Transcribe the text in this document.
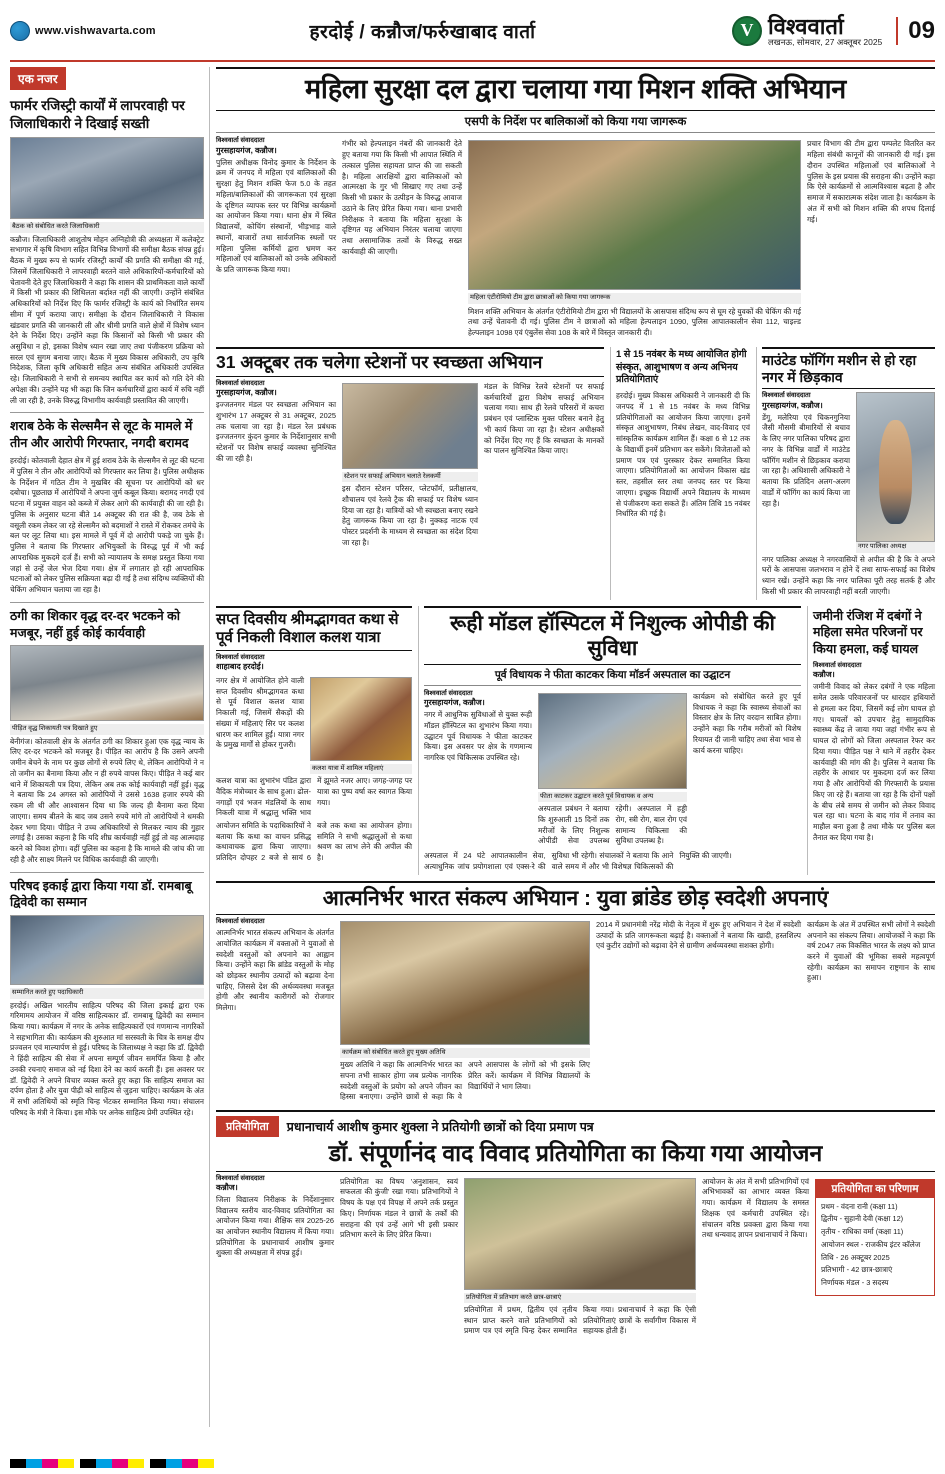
www.vishwavarta.com	हरदोई / कन्नौज/फर्रुखाबाद वार्ता	V विश्ववार्ता
लखनऊ, सोमवार, 27 अक्तूबर 2025	09
एक नजर
फार्मर रजिस्ट्री कार्यों में लापरवाही पर जिलाधिकारी ने दिखाई सख्ती
बैठक को संबोधित करते जिलाधिकारी
कन्नौज। जिलाधिकारी आशुतोष मोहन अग्निहोत्री की अध्यक्षता में कलेक्ट्रेट सभागार में कृषि विभाग सहित विभिन्न विभागों की समीक्षा बैठक संपन्न हुई। बैठक में मुख्य रूप से फार्मर रजिस्ट्री कार्यों की प्रगति की समीक्षा की गई, जिसमें जिलाधिकारी ने लापरवाही बरतने वाले अधिकारियों-कर्मचारियों को चेतावनी देते हुए जिलाधिकारी ने कहा कि शासन की प्राथमिकता वाले कार्यों में किसी भी प्रकार की शिथिलता बर्दाश्त नहीं की जाएगी। उन्होंने संबंधित अधिकारियों को निर्देश दिए कि फार्मर रजिस्ट्री के कार्य को निर्धारित समय सीमा में पूर्ण कराया जाए। समीक्षा के दौरान जिलाधिकारी ने विकास खंडवार प्रगति की जानकारी ली और धीमी प्रगति वाले क्षेत्रों में विशेष ध्यान देने के निर्देश दिए। उन्होंने कहा कि किसानों को किसी भी प्रकार की असुविधा न हो, इसका विशेष ध्यान रखा जाए तथा पंजीकरण प्रक्रिया को सरल एवं सुगम बनाया जाए। बैठक में मुख्य विकास अधिकारी, उप कृषि निदेशक, जिला कृषि अधिकारी सहित अन्य संबंधित अधिकारी उपस्थित रहे। जिलाधिकारी ने सभी से समन्वय स्थापित कर कार्य को गति देने की अपेक्षा की। उन्होंने यह भी कहा कि जिन कर्मचारियों द्वारा कार्य में रुचि नहीं ली जा रही है, उनके विरुद्ध विभागीय कार्यवाही प्रस्तावित की जाएगी।
शराब ठेके के सेल्समैन से लूट के मामले में तीन और आरोपी गिरफ्तार, नगदी बरामद
हरदोई। कोतवाली देहात क्षेत्र में हुई शराब ठेके के सेल्समैन से लूट की घटना में पुलिस ने तीन और आरोपियों को गिरफ्तार कर लिया है। पुलिस अधीक्षक के निर्देशन में गठित टीम ने मुखबिर की सूचना पर आरोपियों को धर दबोचा। पूछताछ में आरोपियों ने अपना जुर्म कबूल किया। बरामद नगदी एवं घटना में प्रयुक्त वाहन को कब्जे में लेकर आगे की कार्यवाही की जा रही है। पुलिस के अनुसार घटना बीते 14 अक्टूबर की रात की है, जब ठेके से वसूली रकम लेकर जा रहे सेल्समैन को बदमाशों ने रास्ते में रोककर तमंचे के बल पर लूट लिया था। इस मामले में पूर्व में दो आरोपी पकड़े जा चुके हैं। पुलिस ने बताया कि गिरफ्तार अभियुक्तों के विरुद्ध पूर्व में भी कई आपराधिक मुकदमे दर्ज हैं। सभी को न्यायालय के समक्ष प्रस्तुत किया गया जहां से उन्हें जेल भेज दिया गया। क्षेत्र में लगातार हो रही आपराधिक घटनाओं को लेकर पुलिस सक्रियता बढ़ा दी गई है तथा संदिग्ध व्यक्तियों की चेकिंग अभियान चलाया जा रहा है।
ठगी का शिकार वृद्ध दर-दर भटकने को मजबूर, नहीं हुई कोई कार्यवाही
पीड़ित वृद्ध शिकायती पत्र दिखाते हुए
बेनीगंज। कोतवाली क्षेत्र के अंतर्गत ठगी का शिकार हुआ एक वृद्ध न्याय के लिए दर-दर भटकने को मजबूर है। पीड़ित का आरोप है कि उसने अपनी जमीन बेचने के नाम पर कुछ लोगों से रुपये लिए थे, लेकिन आरोपियों ने न तो जमीन का बैनामा किया और न ही रुपये वापस किए। पीड़ित ने कई बार थाने में शिकायती पत्र दिया, लेकिन अब तक कोई कार्यवाही नहीं हुई। वृद्ध ने बताया कि 24 अगस्त को आरोपियों ने उससे 1638 हजार रुपये की रकम ली थी और आश्वासन दिया था कि जल्द ही बैनामा करा दिया जाएगा। समय बीतने के बाद जब उसने रुपये मांगे तो आरोपियों ने धमकी देकर भगा दिया। पीड़ित ने उच्च अधिकारियों से मिलकर न्याय की गुहार लगाई है। उसका कहना है कि यदि शीघ्र कार्यवाही नहीं हुई तो वह आत्मदाह करने को विवश होगा। वहीं पुलिस का कहना है कि मामले की जांच की जा रही है और साक्ष्य मिलने पर विधिक कार्यवाही की जाएगी।
परिषद इकाई द्वारा किया गया डॉ. रामबाबू द्विवेदी का सम्मान
सम्मानित करते हुए पदाधिकारी
हरदोई। अखिल भारतीय साहित्य परिषद की जिला इकाई द्वारा एक गरिमामय आयोजन में वरिष्ठ साहित्यकार डॉ. रामबाबू द्विवेदी का सम्मान किया गया। कार्यक्रम में नगर के अनेक साहित्यकारों एवं गणमान्य नागरिकों ने सहभागिता की। कार्यक्रम की शुरुआत मां सरस्वती के चित्र के समक्ष दीप प्रज्वलन एवं माल्यार्पण से हुई। परिषद के जिलाध्यक्ष ने कहा कि डॉ. द्विवेदी ने हिंदी साहित्य की सेवा में अपना सम्पूर्ण जीवन समर्पित किया है और उनकी रचनाएं समाज को नई दिशा देने का कार्य करती हैं। इस अवसर पर डॉ. द्विवेदी ने अपने विचार व्यक्त करते हुए कहा कि साहित्य समाज का दर्पण होता है और युवा पीढ़ी को साहित्य से जुड़ना चाहिए। कार्यक्रम के अंत में सभी अतिथियों को स्मृति चिन्ह भेंटकर सम्मानित किया गया। संचालन परिषद के मंत्री ने किया। इस मौके पर अनेक साहित्य प्रेमी उपस्थित रहे।
महिला सुरक्षा दल द्वारा चलाया गया मिशन शक्ति अभियान
एसपी के निर्देश पर बालिकाओं को किया गया जागरूक
विश्ववार्ता संवाददाता
गुरसहायगंज, कन्नौज।
पुलिस अधीक्षक विनोद कुमार के निर्देशन के क्रम में जनपद में महिला एवं बालिकाओं की सुरक्षा हेतु मिशन शक्ति फेज 5.0 के तहत महिला/बालिकाओं की जागरूकता एवं सुरक्षा के दृष्टिगत व्यापक स्तर पर विभिन्न कार्यक्रमों का आयोजन किया गया। थाना क्षेत्र में स्थित विद्यालयों, कोचिंग संस्थानों, भीड़भाड़ वाले स्थानों, बाजारों तथा सार्वजनिक स्थलों पर महिला पुलिस कर्मियों द्वारा भ्रमण कर महिलाओं एवं बालिकाओं को उनके अधिकारों के प्रति जागरूक किया गया।
गंभीर को हेल्पलाइन नंबरों की जानकारी देते हुए बताया गया कि किसी भी आपात स्थिति में तत्काल पुलिस सहायता प्राप्त की जा सकती है। महिला आरक्षियों द्वारा बालिकाओं को आत्मरक्षा के गुर भी सिखाए गए तथा उन्हें किसी भी प्रकार के उत्पीड़न के विरुद्ध आवाज उठाने के लिए प्रेरित किया गया। थाना प्रभारी निरीक्षक ने बताया कि महिला सुरक्षा के दृष्टिगत यह अभियान निरंतर चलाया जाएगा तथा असामाजिक तत्वों के विरुद्ध सख्त कार्यवाही की जाएगी।
महिला एंटीरोमियो टीम द्वारा छात्राओं को किया गया जागरूक
मिशन शक्ति अभियान के अंतर्गत एंटीरोमियो टीम द्वारा भी विद्यालयों के आसपास संदिग्ध रूप से घूम रहे युवकों की चेकिंग की गई तथा उन्हें चेतावनी दी गई। पुलिस टीम ने छात्राओं को महिला हेल्पलाइन 1090, पुलिस आपातकालीन सेवा 112, चाइल्ड हेल्पलाइन 1098 एवं एंबुलेंस सेवा 108 के बारे में विस्तृत जानकारी दी।
प्रचार विभाग की टीम द्वारा पम्पलेट वितरित कर महिला संबंधी कानूनों की जानकारी दी गई। इस दौरान उपस्थित महिलाओं एवं बालिकाओं ने पुलिस के इस प्रयास की सराहना की। उन्होंने कहा कि ऐसे कार्यक्रमों से आत्मविश्वास बढ़ता है और समाज में सकारात्मक संदेश जाता है। कार्यक्रम के अंत में सभी को मिशन शक्ति की शपथ दिलाई गई।
31 अक्टूबर तक चलेगा स्टेशनों पर स्वच्छता अभियान
विश्ववार्ता संवाददाता
गुरसहायगंज, कन्नौज।
इज्जतनगर मंडल पर स्वच्छता अभियान का शुभारंभ 17 अक्टूबर से 31 अक्टूबर, 2025 तक चलाया जा रहा है। मंडल रेल प्रबंधक इज्जतनगर कुंदन कुमार के निर्देशानुसार सभी स्टेशनों पर विशेष सफाई व्यवस्था सुनिश्चित की जा रही है।
स्टेशन पर सफाई अभियान चलाते रेलकर्मी
इस दौरान स्टेशन परिसर, प्लेटफॉर्म, प्रतीक्षालय, शौचालय एवं रेलवे ट्रैक की सफाई पर विशेष ध्यान दिया जा रहा है। यात्रियों को भी स्वच्छता बनाए रखने हेतु जागरूक किया जा रहा है। नुक्कड़ नाटक एवं पोस्टर प्रदर्शनी के माध्यम से स्वच्छता का संदेश दिया जा रहा है।
मंडल के विभिन्न रेलवे स्टेशनों पर सफाई कर्मचारियों द्वारा विशेष सफाई अभियान चलाया गया। साथ ही रेलवे परिसरों में कचरा प्रबंधन एवं प्लास्टिक मुक्त परिसर बनाने हेतु भी कार्य किया जा रहा है। स्टेशन अधीक्षकों को निर्देश दिए गए हैं कि स्वच्छता के मानकों का पालन सुनिश्चित किया जाए।
1 से 15 नवंबर के मध्य आयोजित होगी संस्कृत, आशुभाषण व अन्य अभिनय प्रतियोगिताएं
हरदोई। मुख्य विकास अधिकारी ने जानकारी दी कि जनपद में 1 से 15 नवंबर के मध्य विभिन्न प्रतियोगिताओं का आयोजन किया जाएगा। इनमें संस्कृत आशुभाषण, निबंध लेखन, वाद-विवाद एवं सांस्कृतिक कार्यक्रम शामिल हैं। कक्षा 6 से 12 तक के विद्यार्थी इनमें प्रतिभाग कर सकेंगे। विजेताओं को प्रमाण पत्र एवं पुरस्कार देकर सम्मानित किया जाएगा। प्रतियोगिताओं का आयोजन विकास खंड स्तर, तहसील स्तर तथा जनपद स्तर पर किया जाएगा। इच्छुक विद्यार्थी अपने विद्यालय के माध्यम से पंजीकरण करा सकते हैं। अंतिम तिथि 15 नवंबर निर्धारित की गई है।
माउंटेड फॉगिंग मशीन से हो रहा नगर में छिड़काव
विश्ववार्ता संवाददाता
गुरसहायगंज, कन्नौज।
डेंगू, मलेरिया एवं चिकनगुनिया जैसी मौसमी बीमारियों से बचाव के लिए नगर पालिका परिषद द्वारा नगर के विभिन्न वार्डों में माउंटेड फॉगिंग मशीन से छिड़काव कराया जा रहा है। अधिशासी अधिकारी ने बताया कि प्रतिदिन अलग-अलग वार्डों में फॉगिंग का कार्य किया जा रहा है।
नगर पालिका अध्यक्ष
नगर पालिका अध्यक्ष ने नगरवासियों से अपील की है कि वे अपने घरों के आसपास जलभराव न होने दें तथा साफ-सफाई का विशेष ध्यान रखें। उन्होंने कहा कि नगर पालिका पूरी तरह सतर्क है और किसी भी प्रकार की लापरवाही नहीं बरती जाएगी।
सप्त दिवसीय श्रीमद्भागवत कथा से पूर्व निकली विशाल कलश यात्रा
विश्ववार्ता संवाददाता
शाहाबाद हरदोई।
नगर क्षेत्र में आयोजित होने वाली सप्त दिवसीय श्रीमद्भागवत कथा से पूर्व विशाल कलश यात्रा निकाली गई, जिसमें सैकड़ों की संख्या में महिलाएं सिर पर कलश धारण कर शामिल हुईं। यात्रा नगर के प्रमुख मार्गों से होकर गुजरी।
कलश यात्रा में शामिल महिलाएं
कलश यात्रा का शुभारंभ पंडित द्वारा वैदिक मंत्रोच्चार के साथ हुआ। ढोल-नगाड़ों एवं भजन मंडलियों के साथ निकली यात्रा में श्रद्धालु भक्ति भाव में झूमते नजर आए। जगह-जगह पर यात्रा का पुष्प वर्षा कर स्वागत किया गया।
आयोजन समिति के पदाधिकारियों ने बताया कि कथा का वाचन प्रसिद्ध कथावाचक द्वारा किया जाएगा। प्रतिदिन दोपहर 2 बजे से सायं 6 बजे तक कथा का आयोजन होगा। समिति ने सभी श्रद्धालुओं से कथा श्रवण का लाभ लेने की अपील की है।
रूही मॉडल हॉस्पिटल में निशुल्क ओपीडी की सुविधा
पूर्व विधायक ने फीता काटकर किया मॉडर्न अस्पताल का उद्घाटन
विश्ववार्ता संवाददाता
गुरसहायगंज, कन्नौज।
नगर में आधुनिक सुविधाओं से युक्त रूही मॉडल हॉस्पिटल का शुभारंभ किया गया। उद्घाटन पूर्व विधायक ने फीता काटकर किया। इस अवसर पर क्षेत्र के गणमान्य नागरिक एवं चिकित्सक उपस्थित रहे।
फीता काटकर उद्घाटन करते पूर्व विधायक व अन्य
अस्पताल प्रबंधन ने बताया कि शुरुआती 15 दिनों तक मरीजों के लिए निशुल्क ओपीडी सेवा उपलब्ध रहेगी। अस्पताल में हड्डी रोग, स्त्री रोग, बाल रोग एवं सामान्य चिकित्सा की सुविधा उपलब्ध है।
कार्यक्रम को संबोधित करते हुए पूर्व विधायक ने कहा कि स्वास्थ्य सेवाओं का विस्तार क्षेत्र के लिए वरदान साबित होगा। उन्होंने कहा कि गरीब मरीजों को विशेष रियायत दी जानी चाहिए तथा सेवा भाव से कार्य करना चाहिए।
अस्पताल में 24 घंटे आपातकालीन सेवा, अत्याधुनिक जांच प्रयोगशाला एवं एक्स-रे की सुविधा भी रहेगी। संचालकों ने बताया कि आने वाले समय में और भी विशेषज्ञ चिकित्सकों की नियुक्ति की जाएगी।
जमीनी रंजिश में दबंगों ने महिला समेत परिजनों पर किया हमला, कई घायल
विश्ववार्ता संवाददाता
कन्नौज।
जमीनी विवाद को लेकर दबंगों ने एक महिला समेत उसके परिवारजनों पर धारदार हथियारों से हमला कर दिया, जिसमें कई लोग घायल हो गए। घायलों को उपचार हेतु सामुदायिक स्वास्थ्य केंद्र ले जाया गया जहां गंभीर रूप से घायल दो लोगों को जिला अस्पताल रेफर कर दिया गया। पीड़ित पक्ष ने थाने में तहरीर देकर कार्यवाही की मांग की है। पुलिस ने बताया कि तहरीर के आधार पर मुकदमा दर्ज कर लिया गया है और आरोपियों की गिरफ्तारी के प्रयास किए जा रहे हैं। बताया जा रहा है कि दोनों पक्षों के बीच लंबे समय से जमीन को लेकर विवाद चल रहा था। घटना के बाद गांव में तनाव का माहौल बना हुआ है तथा मौके पर पुलिस बल तैनात कर दिया गया है।
आत्मनिर्भर भारत संकल्प अभियान : युवा ब्रांडेड छोड़ स्वदेशी अपनाएं
विश्ववार्ता संवाददाता
आत्मनिर्भर भारत संकल्प अभियान के अंतर्गत आयोजित कार्यक्रम में वक्ताओं ने युवाओं से स्वदेशी वस्तुओं को अपनाने का आह्वान किया। उन्होंने कहा कि ब्रांडेड वस्तुओं के मोह को छोड़कर स्थानीय उत्पादों को बढ़ावा देना चाहिए, जिससे देश की अर्थव्यवस्था मजबूत होगी और स्थानीय कारीगरों को रोजगार मिलेगा।
कार्यक्रम को संबोधित करते हुए मुख्य अतिथि
मुख्य अतिथि ने कहा कि आत्मनिर्भर भारत का सपना तभी साकार होगा जब प्रत्येक नागरिक स्वदेशी वस्तुओं के प्रयोग को अपने जीवन का हिस्सा बनाएगा। उन्होंने छात्रों से कहा कि वे अपने आसपास के लोगों को भी इसके लिए प्रेरित करें। कार्यक्रम में विभिन्न विद्यालयों के विद्यार्थियों ने भाग लिया।
2014 में प्रधानमंत्री नरेंद्र मोदी के नेतृत्व में शुरू हुए अभियान ने देश में स्वदेशी उत्पादों के प्रति जागरूकता बढ़ाई है। वक्ताओं ने बताया कि खादी, हस्तशिल्प एवं कुटीर उद्योगों को बढ़ावा देने से ग्रामीण अर्थव्यवस्था सशक्त होगी।
कार्यक्रम के अंत में उपस्थित सभी लोगों ने स्वदेशी अपनाने का संकल्प लिया। आयोजकों ने कहा कि वर्ष 2047 तक विकसित भारत के लक्ष्य को प्राप्त करने में युवाओं की भूमिका सबसे महत्वपूर्ण रहेगी। कार्यक्रम का समापन राष्ट्रगान के साथ हुआ।
प्रतियोगिता	प्रधानाचार्य आशीष कुमार शुक्ला ने प्रतियोगी छात्रों को दिया प्रमाण पत्र
डॉ. संपूर्णानंद वाद विवाद प्रतियोगिता का किया गया आयोजन
विश्ववार्ता संवाददाता
कन्नौज।
जिला विद्यालय निरीक्षक के निर्देशानुसार विद्यालय स्तरीय वाद-विवाद प्रतियोगिता का आयोजन किया गया। शैक्षिक सत्र 2025-26 का आयोजन स्थानीय विद्यालय में किया गया। प्रतियोगिता के प्रधानाचार्य आशीष कुमार शुक्ला की अध्यक्षता में संपन्न हुई।
प्रतियोगिता का विषय 'अनुशासन, स्वयं सफलता की कुंजी' रखा गया। प्रतिभागियों ने विषय के पक्ष एवं विपक्ष में अपने तर्क प्रस्तुत किए। निर्णायक मंडल ने छात्रों के तर्कों की सराहना की एवं उन्हें आगे भी इसी प्रकार प्रतिभाग करने के लिए प्रेरित किया।
प्रतियोगिता में प्रतिभाग करते छात्र-छात्राएं
प्रतियोगिता में प्रथम, द्वितीय एवं तृतीय स्थान प्राप्त करने वाले प्रतिभागियों को प्रमाण पत्र एवं स्मृति चिन्ह देकर सम्मानित किया गया। प्रधानाचार्य ने कहा कि ऐसी प्रतियोगिताएं छात्रों के सर्वांगीण विकास में सहायक होती हैं।
आयोजन के अंत में सभी प्रतिभागियों एवं अभिभावकों का आभार व्यक्त किया गया। कार्यक्रम में विद्यालय के समस्त शिक्षक एवं कर्मचारी उपस्थित रहे। संचालन वरिष्ठ प्रवक्ता द्वारा किया गया तथा धन्यवाद ज्ञापन प्रधानाचार्य ने किया।
प्रतियोगिता का परिणाम
प्रथम - वंदना रानी (कक्षा 11)
द्वितीय - सुहानी देवी (कक्षा 12)
तृतीय - राधिका वर्मा (कक्षा 11)
आयोजन स्थल - राजकीय इंटर कॉलेज
तिथि - 26 अक्टूबर 2025
प्रतिभागी - 42 छात्र-छात्राएं
निर्णायक मंडल - 3 सदस्य
